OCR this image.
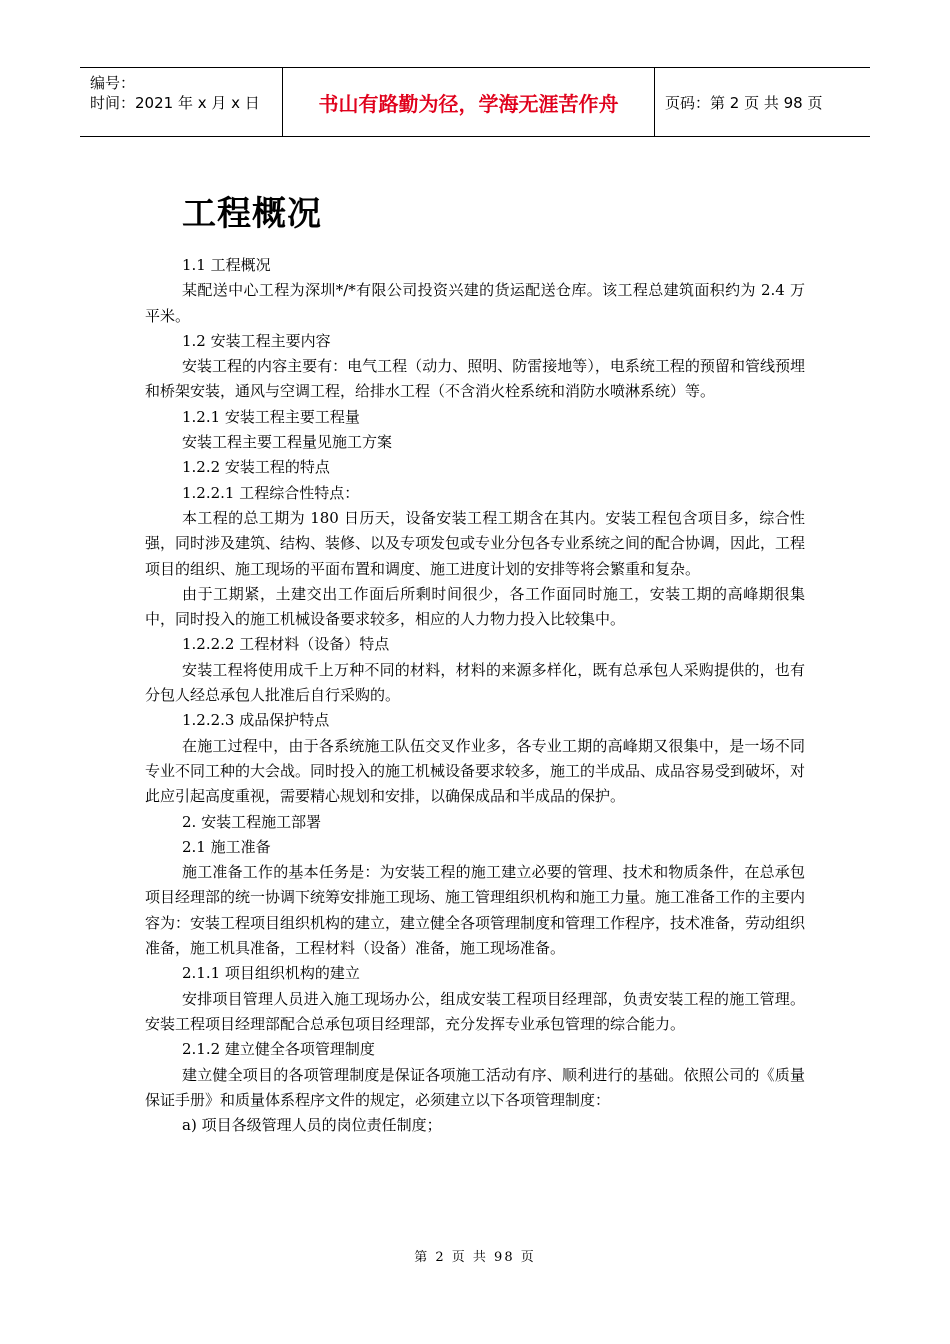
编号：
时间：2021 年 x 月 x 日	书山有路勤为径，学海无涯苦作舟	页码：第 2 页 共 98 页
工程概况

1.1 工程概况

某配送中心工程为深圳*/*有限公司投资兴建的货运配送仓库。该工程总建筑面积约为 2.4 万平米。

1.2 安装工程主要内容

安装工程的内容主要有：电气工程（动力、照明、防雷接地等），电系统工程的预留和管线预埋和桥架安装，通风与空调工程，给排水工程（不含消火栓系统和消防水喷淋系统）等。

1.2.1 安装工程主要工程量

安装工程主要工程量见施工方案

1.2.2 安装工程的特点

1.2.2.1 工程综合性特点：

本工程的总工期为 180 日历天，设备安装工程工期含在其内。安装工程包含项目多，综合性强，同时涉及建筑、结构、装修、以及专项发包或专业分包各专业系统之间的配合协调，因此，工程项目的组织、施工现场的平面布置和调度、施工进度计划的安排等将会繁重和复杂。

由于工期紧，土建交出工作面后所剩时间很少，各工作面同时施工，安装工期的高峰期很集中，同时投入的施工机械设备要求较多，相应的人力物力投入比较集中。

1.2.2.2 工程材料（设备）特点

安装工程将使用成千上万种不同的材料，材料的来源多样化，既有总承包人采购提供的，也有分包人经总承包人批准后自行采购的。

1.2.2.3 成品保护特点

在施工过程中，由于各系统施工队伍交叉作业多，各专业工期的高峰期又很集中，是一场不同专业不同工种的大会战。同时投入的施工机械设备要求较多，施工的半成品、成品容易受到破坏，对此应引起高度重视，需要精心规划和安排，以确保成品和半成品的保护。

2. 安装工程施工部署

2.1 施工准备

施工准备工作的基本任务是：为安装工程的施工建立必要的管理、技术和物质条件，在总承包项目经理部的统一协调下统筹安排施工现场、施工管理组织机构和施工力量。施工准备工作的主要内容为：安装工程项目组织机构的建立，建立健全各项管理制度和管理工作程序，技术准备，劳动组织准备，施工机具准备，工程材料（设备）准备，施工现场准备。

2.1.1 项目组织机构的建立

安排项目管理人员进入施工现场办公，组成安装工程项目经理部，负责安装工程的施工管理。安装工程项目经理部配合总承包项目经理部，充分发挥专业承包管理的综合能力。

2.1.2 建立健全各项管理制度

建立健全项目的各项管理制度是保证各项施工活动有序、顺利进行的基础。依照公司的《质量保证手册》和质量体系程序文件的规定，必须建立以下各项管理制度：

a) 项目各级管理人员的岗位责任制度；

第 2 页 共 98 页
